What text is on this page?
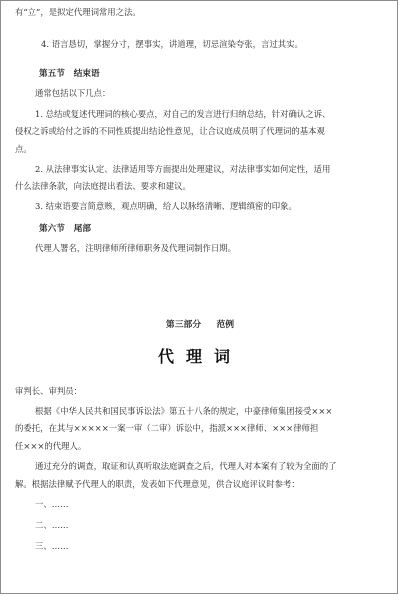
有“立”，是拟定代理词常用之法。
4. 语言恳切，掌握分寸，摆事实，讲道理，切忌渲染夸张，言过其实。
第五节 结束语
通常包括以下几点：
1. 总结或复述代理词的核心要点，对自己的发言进行归纳总结，针对确认之诉、
侵权之诉或给付之诉的不同性质提出结论性意见，让合议庭成员明了代理词的基本观
点。
2. 从法律事实认定、法律适用等方面提出处理建议，对法律事实如何定性，适用
什么法律条款，向法庭提出看法、要求和建议。
3. 结束语要言简意赅，观点明确，给人以脉络清晰、逻辑缜密的印象。
第六节 尾部
代理人署名，注明律师所律师职务及代理词制作日期。
第三部分 范例
代理词
审判长、审判员：
根据《中华人民共和国民事诉讼法》第五十八条的规定，中豪律师集团接受×××
的委托，在其与×××××一案一审（二审）诉讼中，指派×××律师、×××律师担
任×××的代理人。
通过充分的调查，取证和认真听取法庭调查之后，代理人对本案有了较为全面的了
解。根据法律赋予代理人的职责，发表如下代理意见，供合议庭评议时参考：
一、……
二、……
三、……
